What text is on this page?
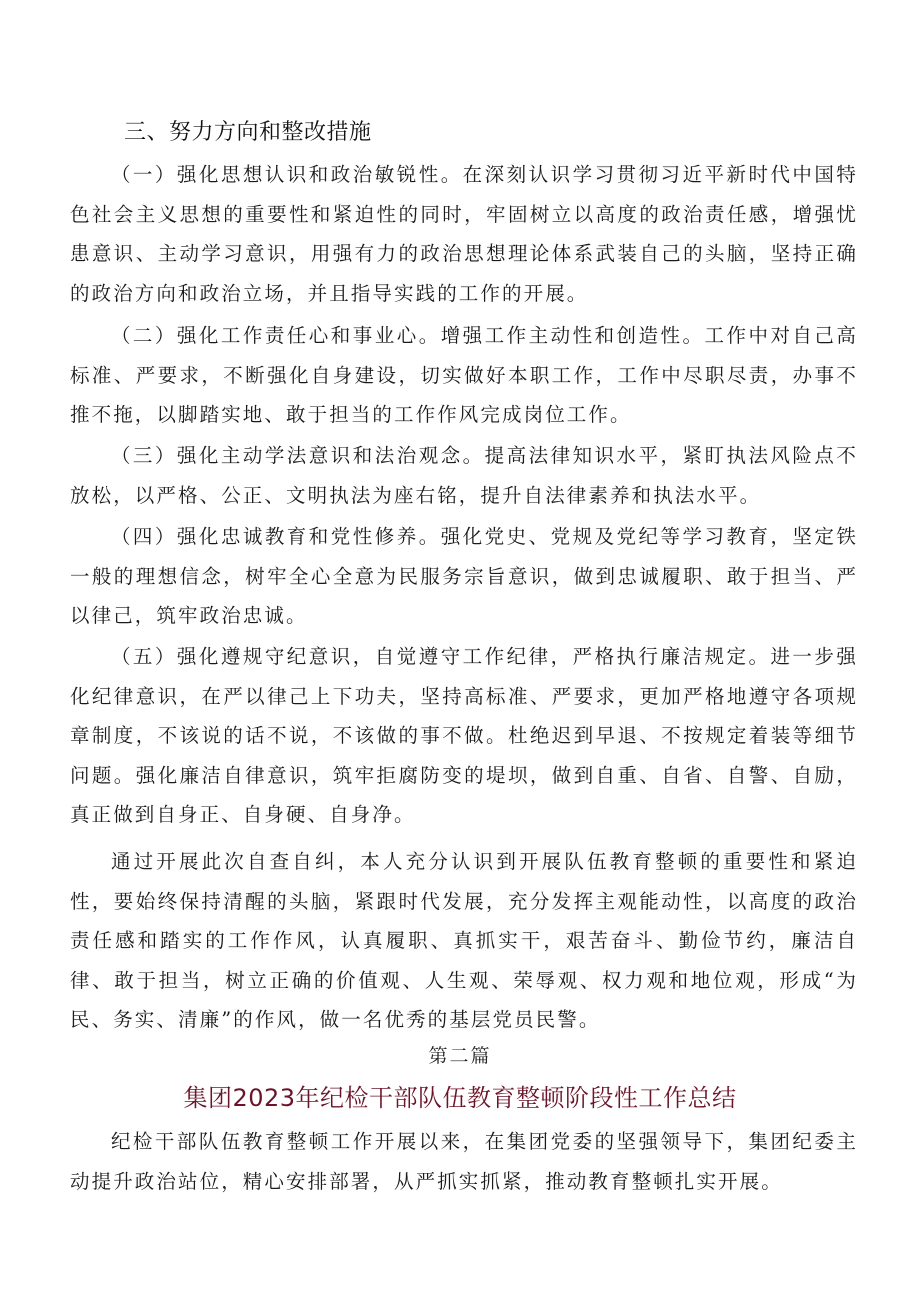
三、努力方向和整改措施

（一）强化思想认识和政治敏锐性。在深刻认识学习贯彻习近平新时代中国特色社会主义思想的重要性和紧迫性的同时，牢固树立以高度的政治责任感，增强忧患意识、主动学习意识，用强有力的政治思想理论体系武装自己的头脑，坚持正确的政治方向和政治立场，并且指导实践的工作的开展。

（二）强化工作责任心和事业心。增强工作主动性和创造性。工作中对自己高标准、严要求，不断强化自身建设，切实做好本职工作，工作中尽职尽责，办事不推不拖，以脚踏实地、敢于担当的工作作风完成岗位工作。

（三）强化主动学法意识和法治观念。提高法律知识水平，紧盯执法风险点不放松，以严格、公正、文明执法为座右铭，提升自法律素养和执法水平。

（四）强化忠诚教育和党性修养。强化党史、党规及党纪等学习教育，坚定铁一般的理想信念，树牢全心全意为民服务宗旨意识，做到忠诚履职、敢于担当、严以律己，筑牢政治忠诚。

（五）强化遵规守纪意识，自觉遵守工作纪律，严格执行廉洁规定。进一步强化纪律意识，在严以律己上下功夫，坚持高标准、严要求，更加严格地遵守各项规章制度，不该说的话不说，不该做的事不做。杜绝迟到早退、不按规定着装等细节问题。强化廉洁自律意识，筑牢拒腐防变的堤坝，做到自重、自省、自警、自励，真正做到自身正、自身硬、自身净。

通过开展此次自查自纠，本人充分认识到开展队伍教育整顿的重要性和紧迫性，要始终保持清醒的头脑，紧跟时代发展，充分发挥主观能动性，以高度的政治责任感和踏实的工作作风，认真履职、真抓实干，艰苦奋斗、勤俭节约，廉洁自律、敢于担当，树立正确的价值观、人生观、荣辱观、权力观和地位观，形成“为民、务实、清廉”的作风，做一名优秀的基层党员民警。

第二篇
集团2023年纪检干部队伍教育整顿阶段性工作总结

纪检干部队伍教育整顿工作开展以来，在集团党委的坚强领导下，集团纪委主动提升政治站位，精心安排部署，从严抓实抓紧，推动教育整顿扎实开展。
